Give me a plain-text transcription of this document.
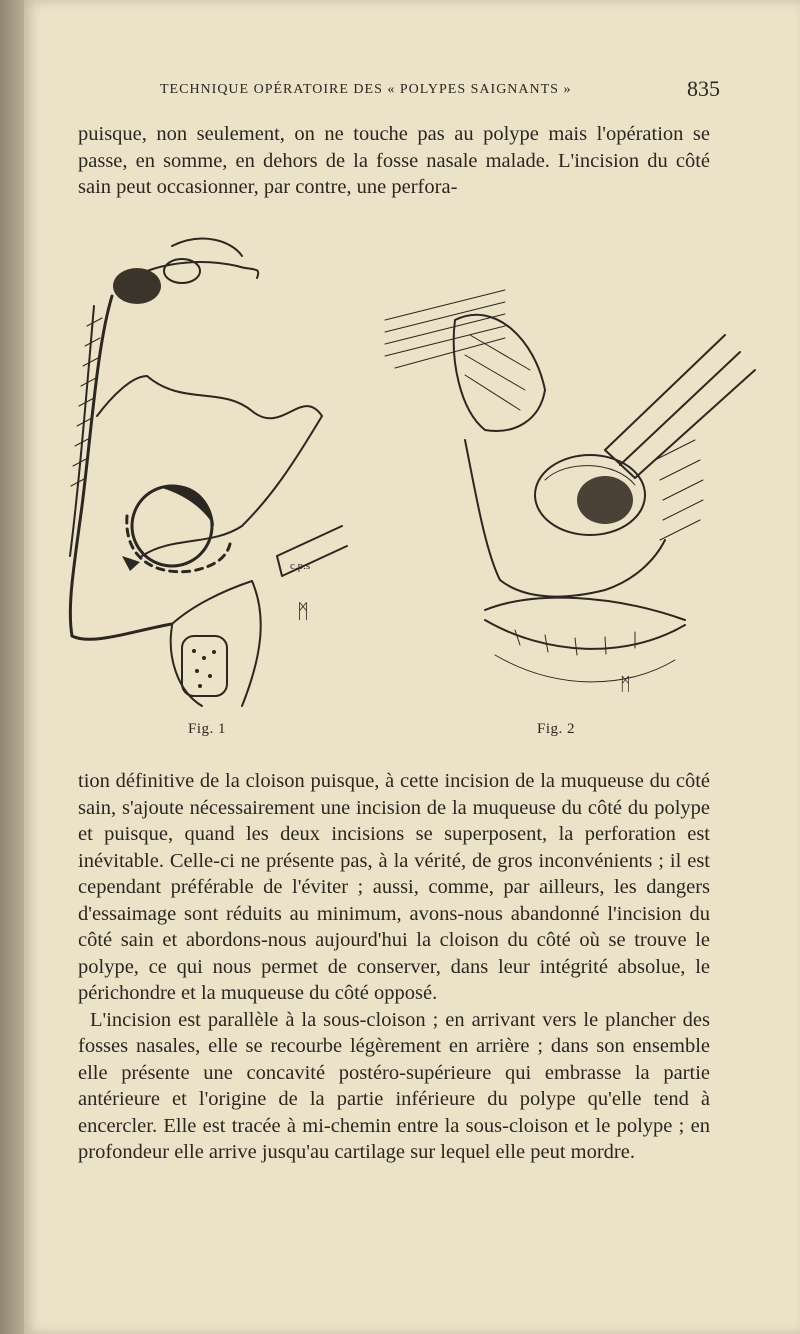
TECHNIQUE OPÉRATOIRE DES « POLYPES SAIGNANTS »	835

puisque, non seulement, on ne touche pas au polype mais l'opération se passe, en somme, en dehors de la fosse nasale malade. L'incision du côté sain peut occasionner, par contre, une perfora-

c.p.s
ᛗ
ᛗ
Fig. 1	Fig. 2

tion définitive de la cloison puisque, à cette incision de la muqueuse du côté sain, s'ajoute nécessairement une incision de la muqueuse du côté du polype et puisque, quand les deux incisions se superposent, la perforation est inévitable. Celle-ci ne présente pas, à la vérité, de gros inconvénients ; il est cependant préférable de l'éviter ; aussi, comme, par ailleurs, les dangers d'essaimage sont réduits au minimum, avons-nous abandonné l'incision du côté sain et abordons-nous aujourd'hui la cloison du côté où se trouve le polype, ce qui nous permet de conserver, dans leur intégrité absolue, le périchondre et la muqueuse du côté opposé.

L'incision est parallèle à la sous-cloison ; en arrivant vers le plancher des fosses nasales, elle se recourbe légèrement en arrière ; dans son ensemble elle présente une concavité postéro-supérieure qui embrasse la partie antérieure et l'origine de la partie inférieure du polype qu'elle tend à encercler. Elle est tracée à mi-chemin entre la sous-cloison et le polype ; en profondeur elle arrive jusqu'au cartilage sur lequel elle peut mordre.
